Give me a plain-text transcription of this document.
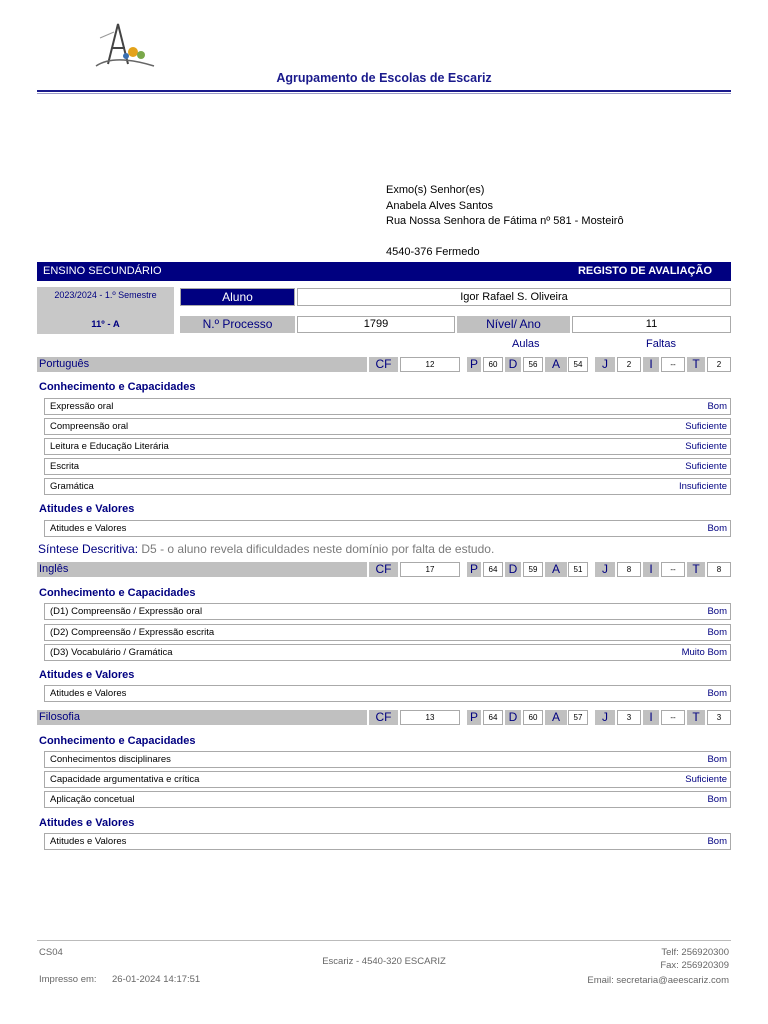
Agrupamento de Escolas de Escariz
Exmo(s) Senhor(es)
Anabela Alves Santos
Rua Nossa Senhora de Fátima nº 581 - Mosteirô
4540-376 Fermedo
ENSINO SECUNDÁRIO	REGISTO DE AVALIAÇÃO
2023/2024 - 1.º Semestre
11º - A
Aluno	Igor Rafael S. Oliveira
N.º Processo	1799	Nível/ Ano	11
Aulas	Faltas
Português	CF	12	P	60 D	56	A	54	J	2	I	--	T	2
Conhecimento e Capacidades
Expressão oral	Bom
Compreensão oral	Suficiente
Leitura e Educação Literária	Suficiente
Escrita	Suficiente
Gramática	Insuficiente
Atitudes e Valores
Atitudes e Valores	Bom
Síntese Descritiva: D5 - o aluno revela dificuldades neste domínio por falta de estudo.
Inglês	CF	17	P	64 D	59	A	51	J	8	I	--	T	8
Conhecimento e Capacidades
(D1) Compreensão / Expressão oral	Bom
(D2) Compreensão / Expressão escrita	Bom
(D3) Vocabulário / Gramática	Muito Bom
Atitudes e Valores
Atitudes e Valores	Bom
Filosofia	CF	13	P	64 D	60	A	57	J	3	I	--	T	3
Conhecimento e Capacidades
Conhecimentos disciplinares	Bom
Capacidade argumentativa e crítica	Suficiente
Aplicação concetual	Bom
Atitudes e Valores
Atitudes e Valores	Bom
CS04
Impresso em: 26-01-2024 14:17:51
Escariz - 4540-320 ESCARIZ
Telf: 256920300
Fax: 256920309
Email: secretaria@aeescariz.com
